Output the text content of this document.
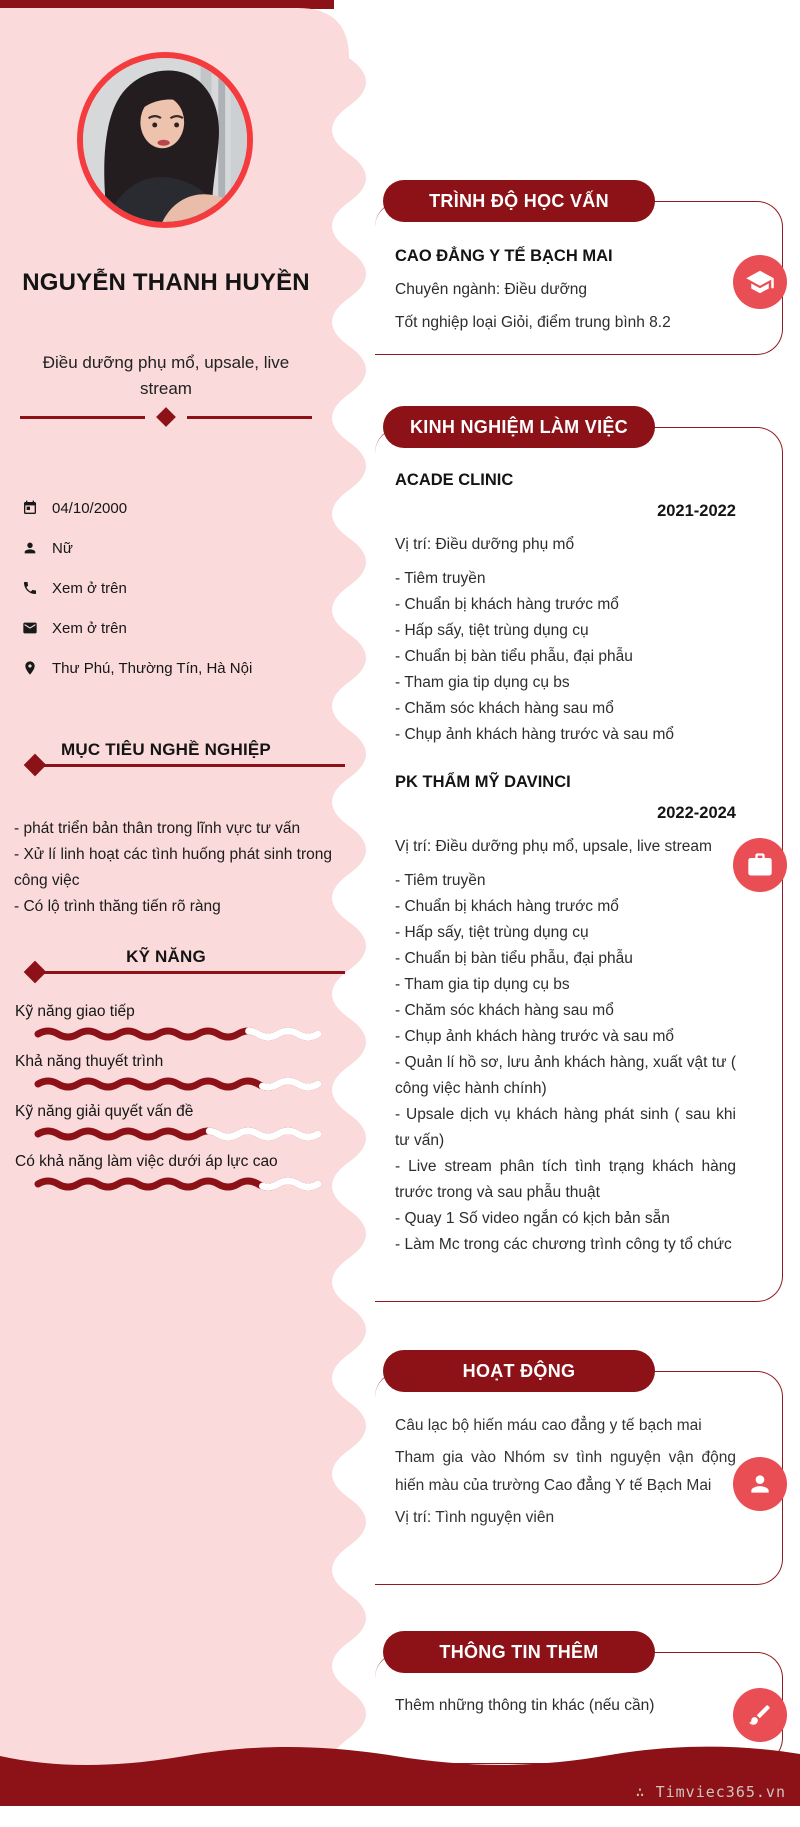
NGUYỄN THANH HUYỀN
Điều dưỡng phụ mổ, upsale, live stream
04/10/2000
Nữ
Xem ở trên
Xem ở trên
Thư Phú, Thường Tín, Hà Nội
MỤC TIÊU NGHỀ NGHIỆP

- phát triển bản thân trong lĩnh vực tư vấn

- Xử lí linh hoạt các tình huống phát sinh trong công việc

- Có lộ trình thăng tiến rõ ràng

KỸ NĂNG
Kỹ năng giao tiếp
Khả năng thuyết trình
Kỹ năng giải quyết vấn đề
Có khả năng làm việc dưới áp lực cao
TRÌNH ĐỘ HỌC VẤN

CAO ĐẲNG Y TẾ BẠCH MAI

Chuyên ngành: Điều dưỡng

Tốt nghiệp loại Giỏi, điểm trung bình 8.2

KINH NGHIỆM LÀM VIỆC

ACADE CLINIC

2021-2022

Vị trí: Điều dưỡng phụ mổ

- Tiêm truyền

- Chuẩn bị khách hàng trước mổ

- Hấp sấy, tiệt trùng dụng cụ

- Chuẩn bị bàn tiểu phẫu, đại phẫu

- Tham gia tip dụng cụ bs

- Chăm sóc khách hàng sau mổ

- Chụp ảnh khách hàng trước và sau mổ

PK THẨM MỸ DAVINCI

2022-2024

Vị trí: Điều dưỡng phụ mổ, upsale, live stream

- Tiêm truyền

- Chuẩn bị khách hàng trước mổ

- Hấp sấy, tiệt trùng dụng cụ

- Chuẩn bị bàn tiểu phẫu, đại phẫu

- Tham gia tip dụng cụ bs

- Chăm sóc khách hàng sau mổ

- Chụp ảnh khách hàng trước và sau mổ

- Quản lí hồ sơ, lưu ảnh khách hàng, xuất vật tư ( công việc hành chính)

- Upsale dịch vụ khách hàng phát sinh ( sau khi tư vấn)

- Live stream phân tích tình trạng khách hàng trước trong và sau phẫu thuật

- Quay 1 Số video ngắn có kịch bản sẵn

- Làm Mc trong các chương trình công ty tổ chức

HOẠT ĐỘNG

Câu lạc bộ hiến máu cao đẳng y tế bạch mai

Tham gia vào Nhóm sv tình nguyện vận động hiến màu của trường Cao đẳng Y tế Bạch Mai

Vị trí: Tình nguyện viên

THÔNG TIN THÊM

Thêm những thông tin khác (nếu cần)

∴ Timviec365.vn
